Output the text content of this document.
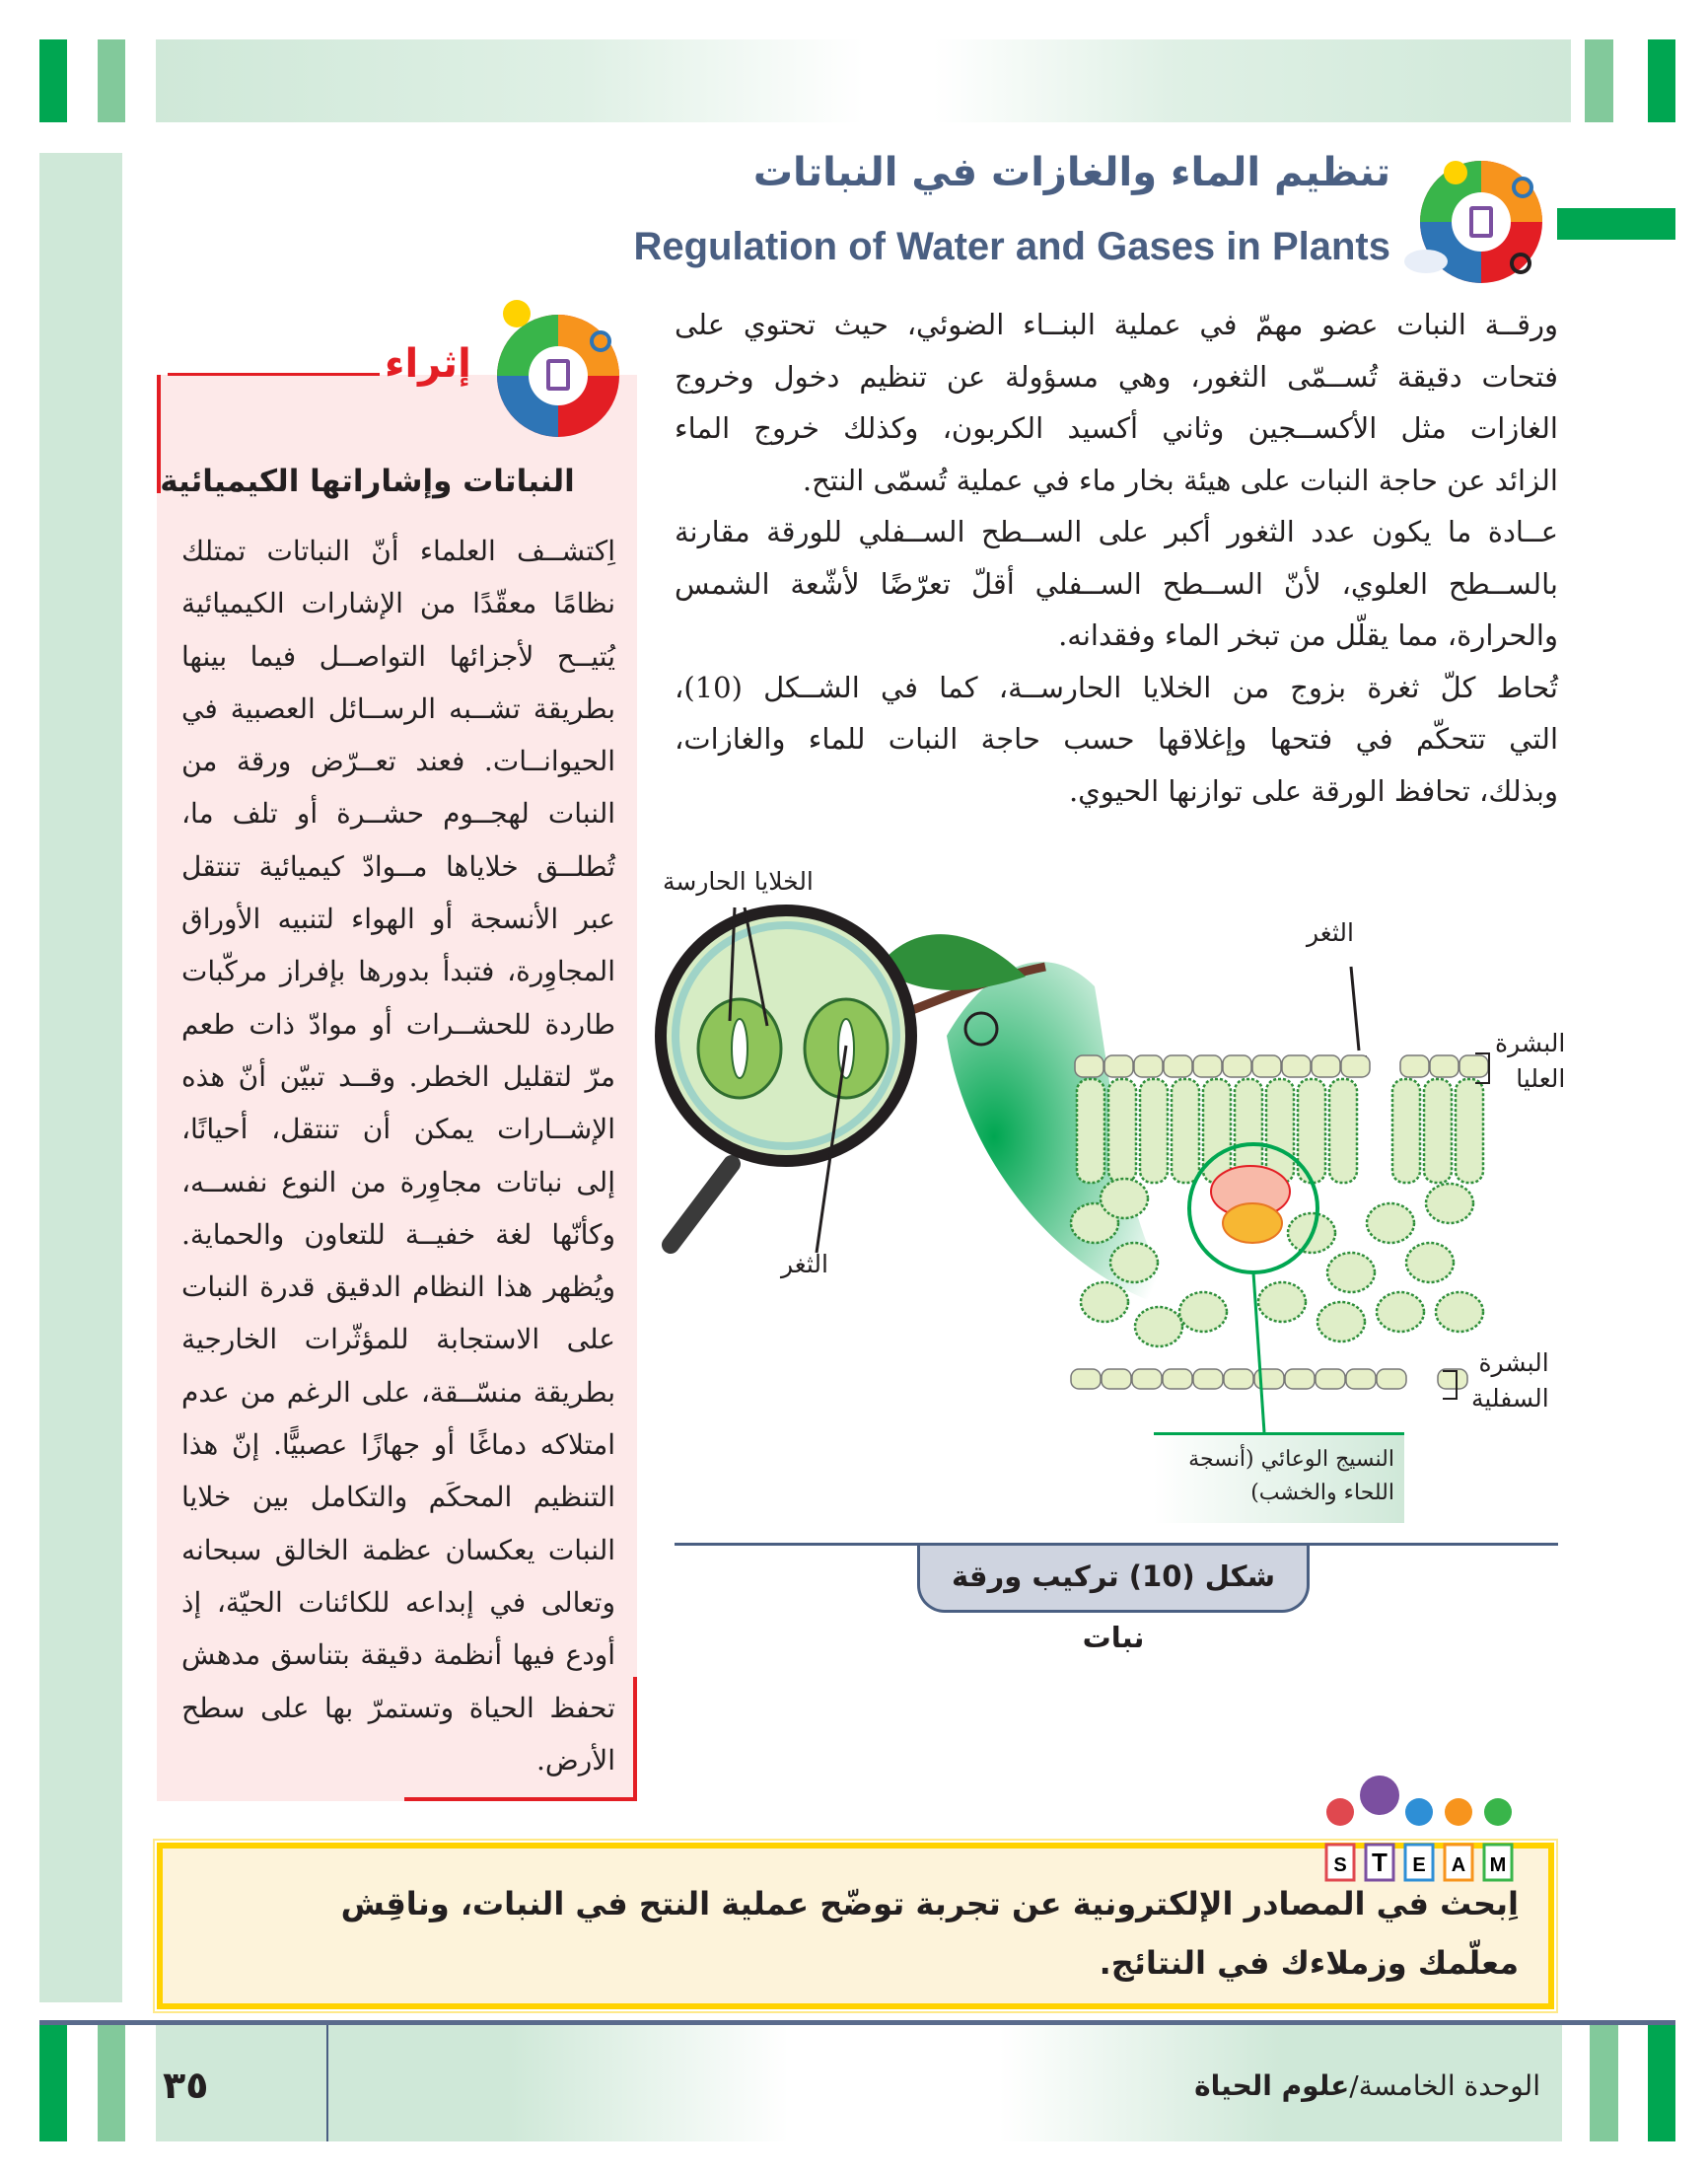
تنظيم الماء والغازات في النباتات
Regulation of Water and Gases in Plants
ورقــة النبات عضو مهمّ في عملية البنــاء الضوئي، حيث تحتوي على
فتحات دقيقة تُســمّى الثغور، وهي مسؤولة عن تنظيم دخول وخروج
الغازات مثل الأكســجين وثاني أكسيد الكربون، وكذلك خروج الماء
الزائد عن حاجة النبات على هيئة بخار ماء في عملية تُسمّى النتح.
عــادة ما يكون عدد الثغور أكبر على الســطح الســفلي للورقة مقارنة
بالســطح العلوي، لأنّ الســطح الســفلي أقلّ تعرّضًا لأشّعة الشمس
والحرارة، مما يقلّل من تبخر الماء وفقدانه.
تُحاط كلّ ثغرة بزوج من الخلايا الحارســة، كما في الشــكل (10)،
التي تتحكّم في فتحها وإغلاقها حسب حاجة النبات للماء والغازات،
وبذلك، تحافظ الورقة على توازنها الحيوي.
إثراء
النباتات وإشاراتها الكيميائية
اِكتشــف العلماء أنّ النباتات تمتلك
نظامًا معقّدًا من الإشارات الكيميائية
يُتيــح لأجزائها التواصــل فيما بينها
بطريقة تشــبه الرســائل العصبية في
الحيوانــات. فعند تعــرّض ورقة من
النبات لهجــوم حشــرة أو تلف ما،
تُطلــق خلاياها مــوادّ كيميائية تنتقل
عبر الأنسجة أو الهواء لتنبيه الأوراق
المجاوِرة، فتبدأ بدورها بإفراز مركّبات
طاردة للحشــرات أو موادّ ذات طعم
مرّ لتقليل الخطر. وقــد تبيّن أنّ هذه
الإشــارات يمكن أن تنتقل، أحيانًا،
إلى نباتات مجاوِرة من النوع نفســه،
وكأنّها لغة خفيــة للتعاون والحماية.
ويُظهر هذا النظام الدقيق قدرة النبات
على الاستجابة للمؤثّرات الخارجية
بطريقة منسّــقة، على الرغم من عدم
امتلاكه دماغًا أو جهازًا عصبيًّا. إنّ هذا
التنظيم المحكَم والتكامل بين خلايا
النبات يعكسان عظمة الخالق سبحانه
وتعالى في إبداعه للكائنات الحيّة، إذ
أودع فيها أنظمة دقيقة بتناسق مدهش
تحفظ الحياة وتستمرّ بها على سطح
الأرض.
الخلايا الحارسة
الثغر
الثغر
البشرة
العليا
البشرة
السفلية
النسيج الوعائي (أنسجة
اللحاء والخشب)
شكل (10) تركيب ورقة نبات
S T E A M
اِبحث في المصادر الإلكترونية عن تجربة توضّح عملية النتح في النبات، وناقِش معلّمك وزملاءك في النتائج.
٣٥	الوحدة الخامسة/علوم الحياة
